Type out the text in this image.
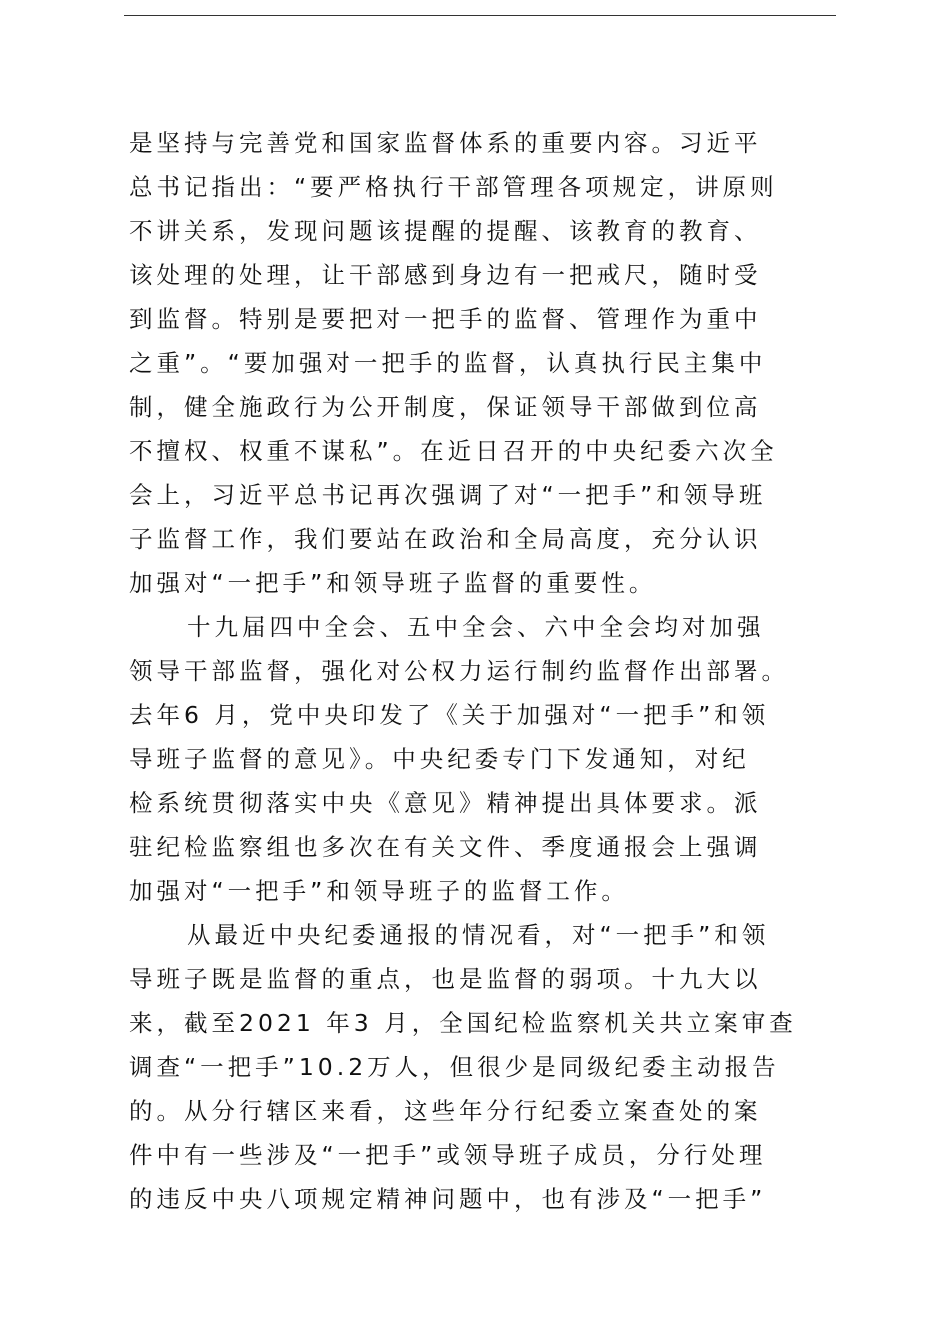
是坚持与完善党和国家监督体系的重要内容。习近平
总书记指出：“要严格执行干部管理各项规定，讲原则
不讲关系，发现问题该提醒的提醒、该教育的教育、
该处理的处理，让干部感到身边有一把戒尺，随时受
到监督。特别是要把对一把手的监督、管理作为重中
之重”。“要加强对一把手的监督，认真执行民主集中
制，健全施政行为公开制度，保证领导干部做到位高
不擅权、权重不谋私”。在近日召开的中央纪委六次全
会上，习近平总书记再次强调了对“一把手”和领导班
子监督工作，我们要站在政治和全局高度，充分认识
加强对“一把手”和领导班子监督的重要性。

十九届四中全会、五中全会、六中全会均对加强
领导干部监督，强化对公权力运行制约监督作出部署。
去年6 月，党中央印发了《关于加强对“一把手”和领
导班子监督的意见》。中央纪委专门下发通知，对纪
检系统贯彻落实中央《意见》精神提出具体要求。派
驻纪检监察组也多次在有关文件、季度通报会上强调
加强对“一把手”和领导班子的监督工作。

从最近中央纪委通报的情况看，对“一把手”和领
导班子既是监督的重点，也是监督的弱项。十九大以
来，截至2021 年3 月，全国纪检监察机关共立案审查
调查“一把手”10.2万人，但很少是同级纪委主动报告
的。从分行辖区来看，这些年分行纪委立案查处的案
件中有一些涉及“一把手”或领导班子成员，分行处理
的违反中央八项规定精神问题中，也有涉及“一把手”
